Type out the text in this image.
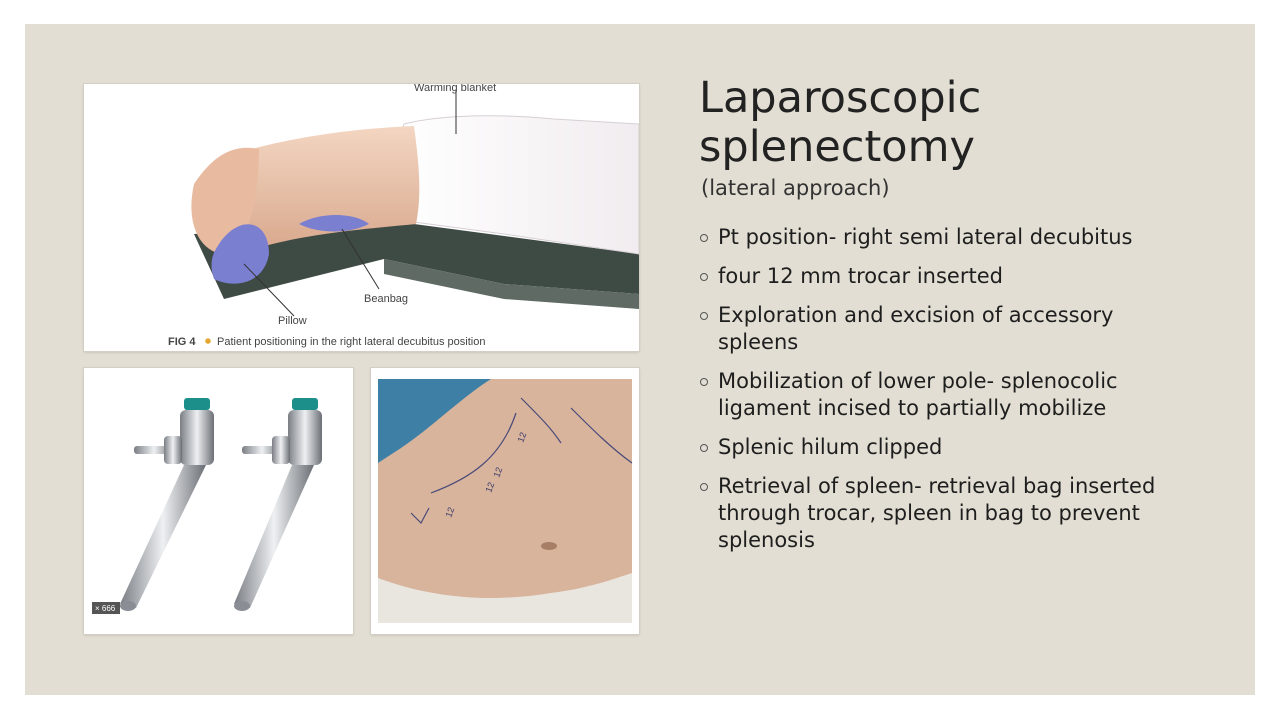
Warming blanket
Beanbag
Pillow
FIG 4 Patient positioning in the right lateral decubitus position
× 666
12
12
12
12
Laparoscopic splenectomy
(lateral approach)
Pt position- right semi lateral decubitus
four 12 mm trocar inserted
Exploration and excision of accessory spleens
Mobilization of lower pole- splenocolic ligament incised to partially mobilize
Splenic hilum clipped
Retrieval of spleen- retrieval bag inserted through trocar, spleen in bag to prevent splenosis
